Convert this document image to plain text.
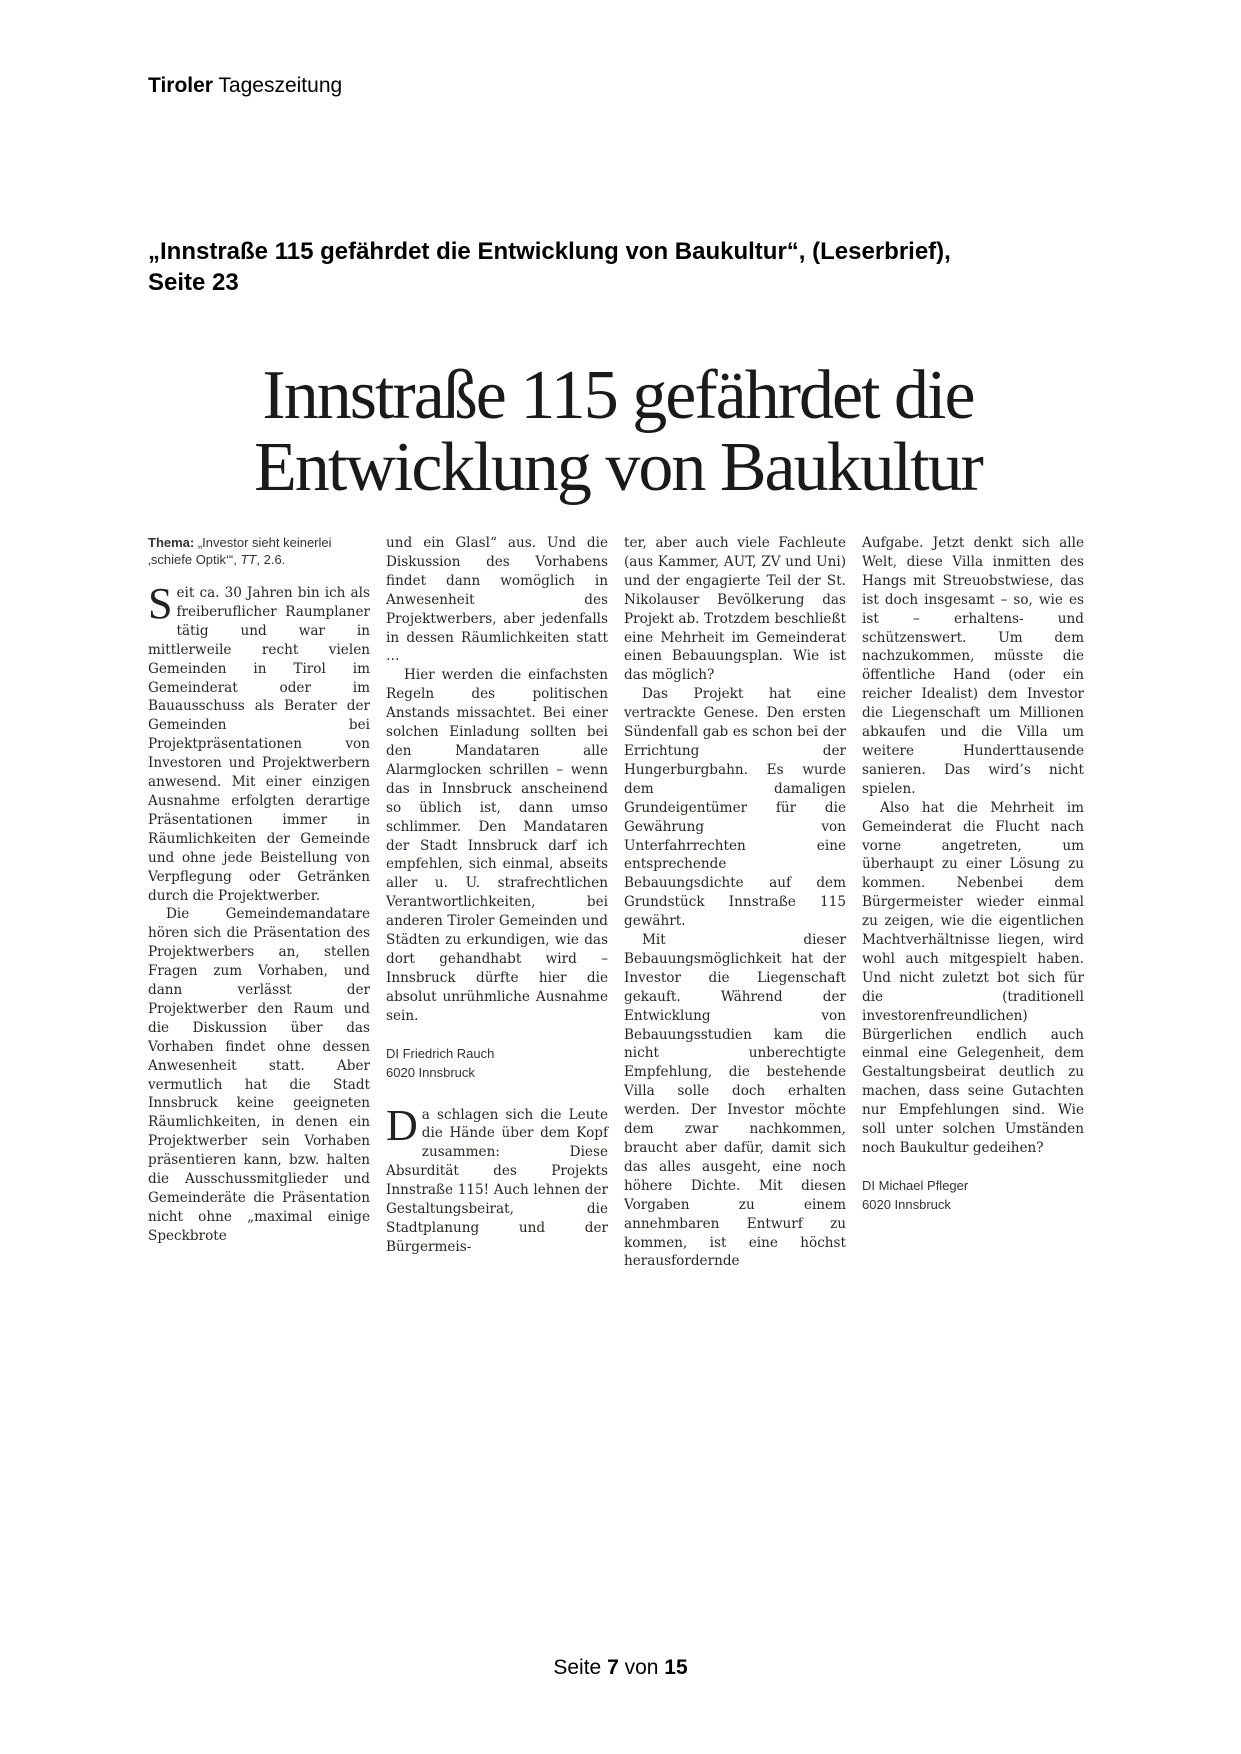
Tiroler Tageszeitung
„Innstraße 115 gefährdet die Entwicklung von Baukultur“, (Leserbrief),
Seite 23
Innstraße 115 gefährdet die
Entwicklung von Baukultur

Thema: „Investor sieht keinerlei ‚schiefe Optik‘“, TT, 2.6.

Seit ca. 30 Jahren bin ich als freiberuflicher Raumplaner tätig und war in mittlerweile recht vielen Gemeinden in Tirol im Gemeinderat oder im Bauausschuss als Berater der Gemeinden bei Projektpräsentationen von Investoren und Projektwerbern anwesend. Mit einer einzigen Ausnahme erfolgten derartige Präsentationen immer in Räumlichkeiten der Gemeinde und ohne jede Beistellung von Verpflegung oder Getränken durch die Projektwerber.

Die Gemeindemandatare hören sich die Präsentation des Projektwerbers an, stellen Fragen zum Vorhaben, und dann verlässt der Projektwerber den Raum und die Diskussion über das Vorhaben findet ohne dessen Anwesenheit statt. Aber vermutlich hat die Stadt Innsbruck keine geeigneten Räumlichkeiten, in denen ein Projektwerber sein Vorhaben präsentieren kann, bzw. halten die Ausschussmitglieder und Gemeinderäte die Präsentation nicht ohne „maximal einige Speckbrote

und ein Glasl“ aus. Und die Diskussion des Vorhabens findet dann womöglich in Anwesenheit des Projektwerbers, aber jedenfalls in dessen Räumlichkeiten statt …

Hier werden die einfachsten Regeln des politischen Anstands missachtet. Bei einer solchen Einladung sollten bei den Mandataren alle Alarmglocken schrillen – wenn das in Innsbruck anscheinend so üblich ist, dann umso schlimmer. Den Mandataren der Stadt Innsbruck darf ich empfehlen, sich einmal, abseits aller u. U. strafrechtlichen Verantwortlichkeiten, bei anderen Tiroler Gemeinden und Städten zu erkundigen, wie das dort gehandhabt wird – Innsbruck dürfte hier die absolut unrühmliche Ausnahme sein.

DI Friedrich Rauch
6020 Innsbruck

Da schlagen sich die Leute die Hände über dem Kopf zusammen: Diese Absurdität des Projekts Innstraße 115! Auch lehnen der Gestaltungsbeirat, die Stadtplanung und der Bürgermeis-

ter, aber auch viele Fachleute (aus Kammer, AUT, ZV und Uni) und der engagierte Teil der St. Nikolauser Bevölkerung das Projekt ab. Trotzdem beschließt eine Mehrheit im Gemeinderat einen Bebauungsplan. Wie ist das möglich?

Das Projekt hat eine vertrackte Genese. Den ersten Sündenfall gab es schon bei der Errichtung der Hungerburgbahn. Es wurde dem damaligen Grundeigentümer für die Gewährung von Unterfahrrechten eine entsprechende Bebauungsdichte auf dem Grundstück Innstraße 115 gewährt.

Mit dieser Bebauungsmöglichkeit hat der Investor die Liegenschaft gekauft. Während der Entwicklung von Bebauungsstudien kam die nicht unberechtigte Empfehlung, die bestehende Villa solle doch erhalten werden. Der Investor möchte dem zwar nachkommen, braucht aber dafür, damit sich das alles ausgeht, eine noch höhere Dichte. Mit diesen Vorgaben zu einem annehmbaren Entwurf zu kommen, ist eine höchst herausfordernde

Aufgabe. Jetzt denkt sich alle Welt, diese Villa inmitten des Hangs mit Streuobstwiese, das ist doch insgesamt – so, wie es ist – erhaltens- und schützenswert. Um dem nachzukommen, müsste die öffentliche Hand (oder ein reicher Idealist) dem Investor die Liegenschaft um Millionen abkaufen und die Villa um weitere Hunderttausende sanieren. Das wird’s nicht spielen.

Also hat die Mehrheit im Gemeinderat die Flucht nach vorne angetreten, um überhaupt zu einer Lösung zu kommen. Nebenbei dem Bürgermeister wieder einmal zu zeigen, wie die eigentlichen Machtverhältnisse liegen, wird wohl auch mitgespielt haben. Und nicht zuletzt bot sich für die (traditionell investorenfreundlichen) Bürgerlichen endlich auch einmal eine Gelegenheit, dem Gestaltungsbeirat deutlich zu machen, dass seine Gutachten nur Empfehlungen sind. Wie soll unter solchen Umständen noch Baukultur gedeihen?

DI Michael Pfleger
6020 Innsbruck

Seite 7 von 15
